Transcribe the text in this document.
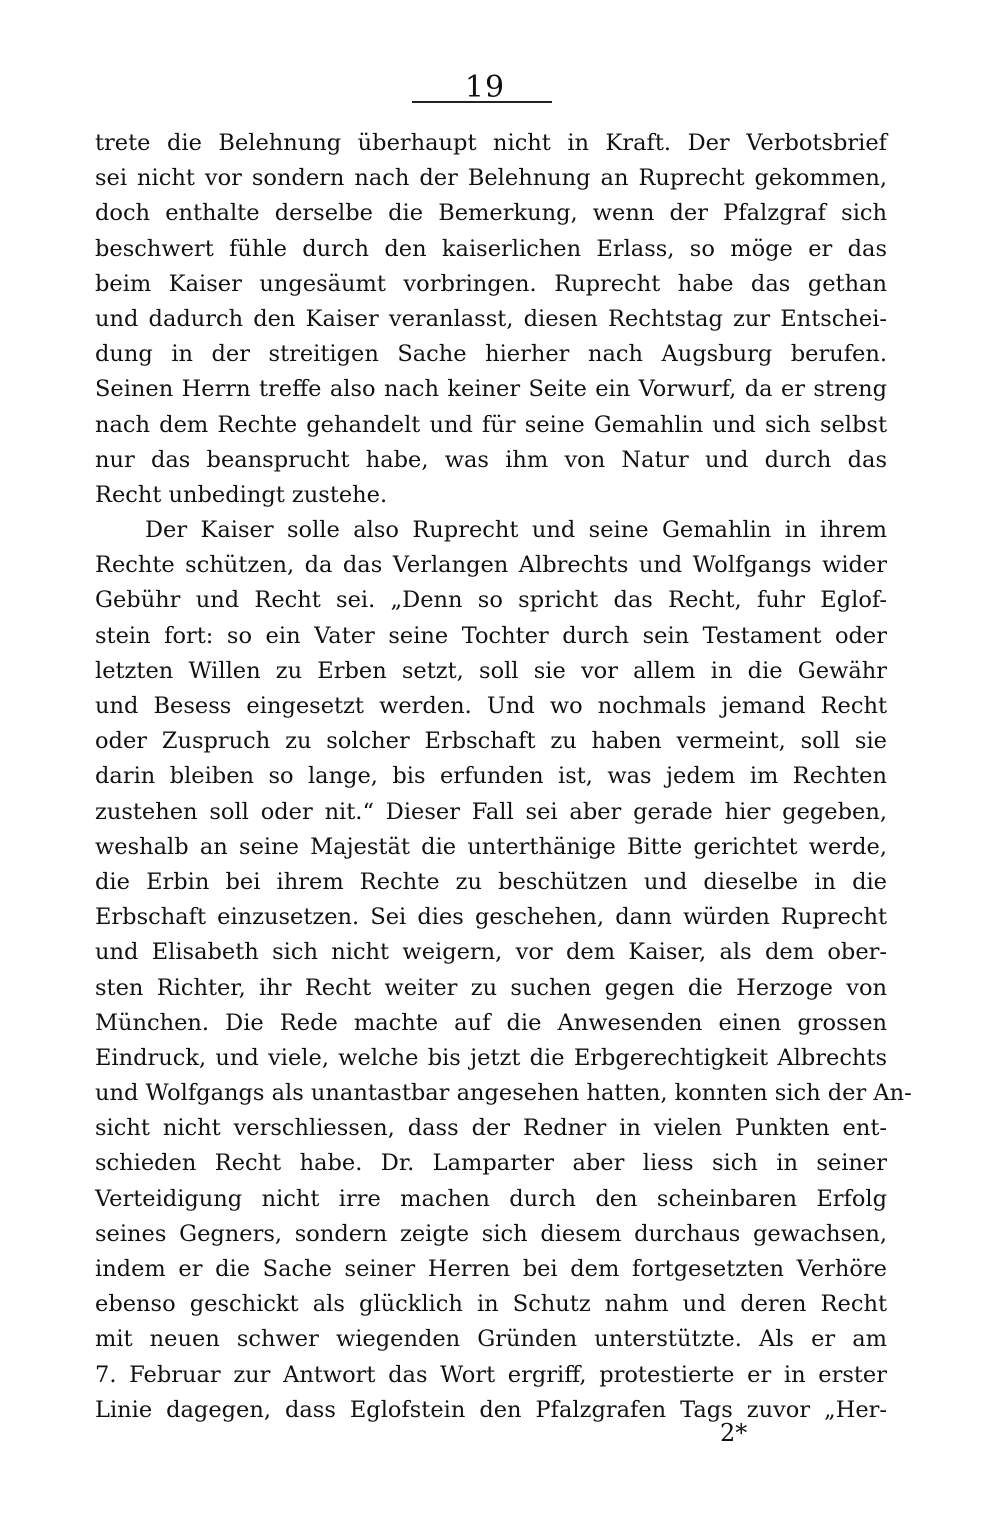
19
trete die Belehnung überhaupt nicht in Kraft. Der Verbotsbrief
sei nicht vor sondern nach der Belehnung an Ruprecht gekommen,
doch enthalte derselbe die Bemerkung, wenn der Pfalzgraf sich
beschwert fühle durch den kaiserlichen Erlass, so möge er das
beim Kaiser ungesäumt vorbringen. Ruprecht habe das gethan
und dadurch den Kaiser veranlasst, diesen Rechtstag zur Entschei-
dung in der streitigen Sache hierher nach Augsburg berufen.
Seinen Herrn treffe also nach keiner Seite ein Vorwurf, da er streng
nach dem Rechte gehandelt und für seine Gemahlin und sich selbst
nur das beansprucht habe, was ihm von Natur und durch das
Recht unbedingt zustehe.
Der Kaiser solle also Ruprecht und seine Gemahlin in ihrem
Rechte schützen, da das Verlangen Albrechts und Wolfgangs wider
Gebühr und Recht sei. „Denn so spricht das Recht, fuhr Eglof-
stein fort: so ein Vater seine Tochter durch sein Testament oder
letzten Willen zu Erben setzt, soll sie vor allem in die Gewähr
und Besess eingesetzt werden. Und wo nochmals jemand Recht
oder Zuspruch zu solcher Erbschaft zu haben vermeint, soll sie
darin bleiben so lange, bis erfunden ist, was jedem im Rechten
zustehen soll oder nit.“ Dieser Fall sei aber gerade hier gegeben,
weshalb an seine Majestät die unterthänige Bitte gerichtet werde,
die Erbin bei ihrem Rechte zu beschützen und dieselbe in die
Erbschaft einzusetzen. Sei dies geschehen, dann würden Ruprecht
und Elisabeth sich nicht weigern, vor dem Kaiser, als dem ober-
sten Richter, ihr Recht weiter zu suchen gegen die Herzoge von
München. Die Rede machte auf die Anwesenden einen grossen
Eindruck, und viele, welche bis jetzt die Erbgerechtigkeit Albrechts
und Wolfgangs als unantastbar angesehen hatten, konnten sich der An-
sicht nicht verschliessen, dass der Redner in vielen Punkten ent-
schieden Recht habe. Dr. Lamparter aber liess sich in seiner
Verteidigung nicht irre machen durch den scheinbaren Erfolg
seines Gegners, sondern zeigte sich diesem durchaus gewachsen,
indem er die Sache seiner Herren bei dem fortgesetzten Verhöre
ebenso geschickt als glücklich in Schutz nahm und deren Recht
mit neuen schwer wiegenden Gründen unterstützte. Als er am
7. Februar zur Antwort das Wort ergriff, protestierte er in erster
Linie dagegen, dass Eglofstein den Pfalzgrafen Tags zuvor „Her-
2*
